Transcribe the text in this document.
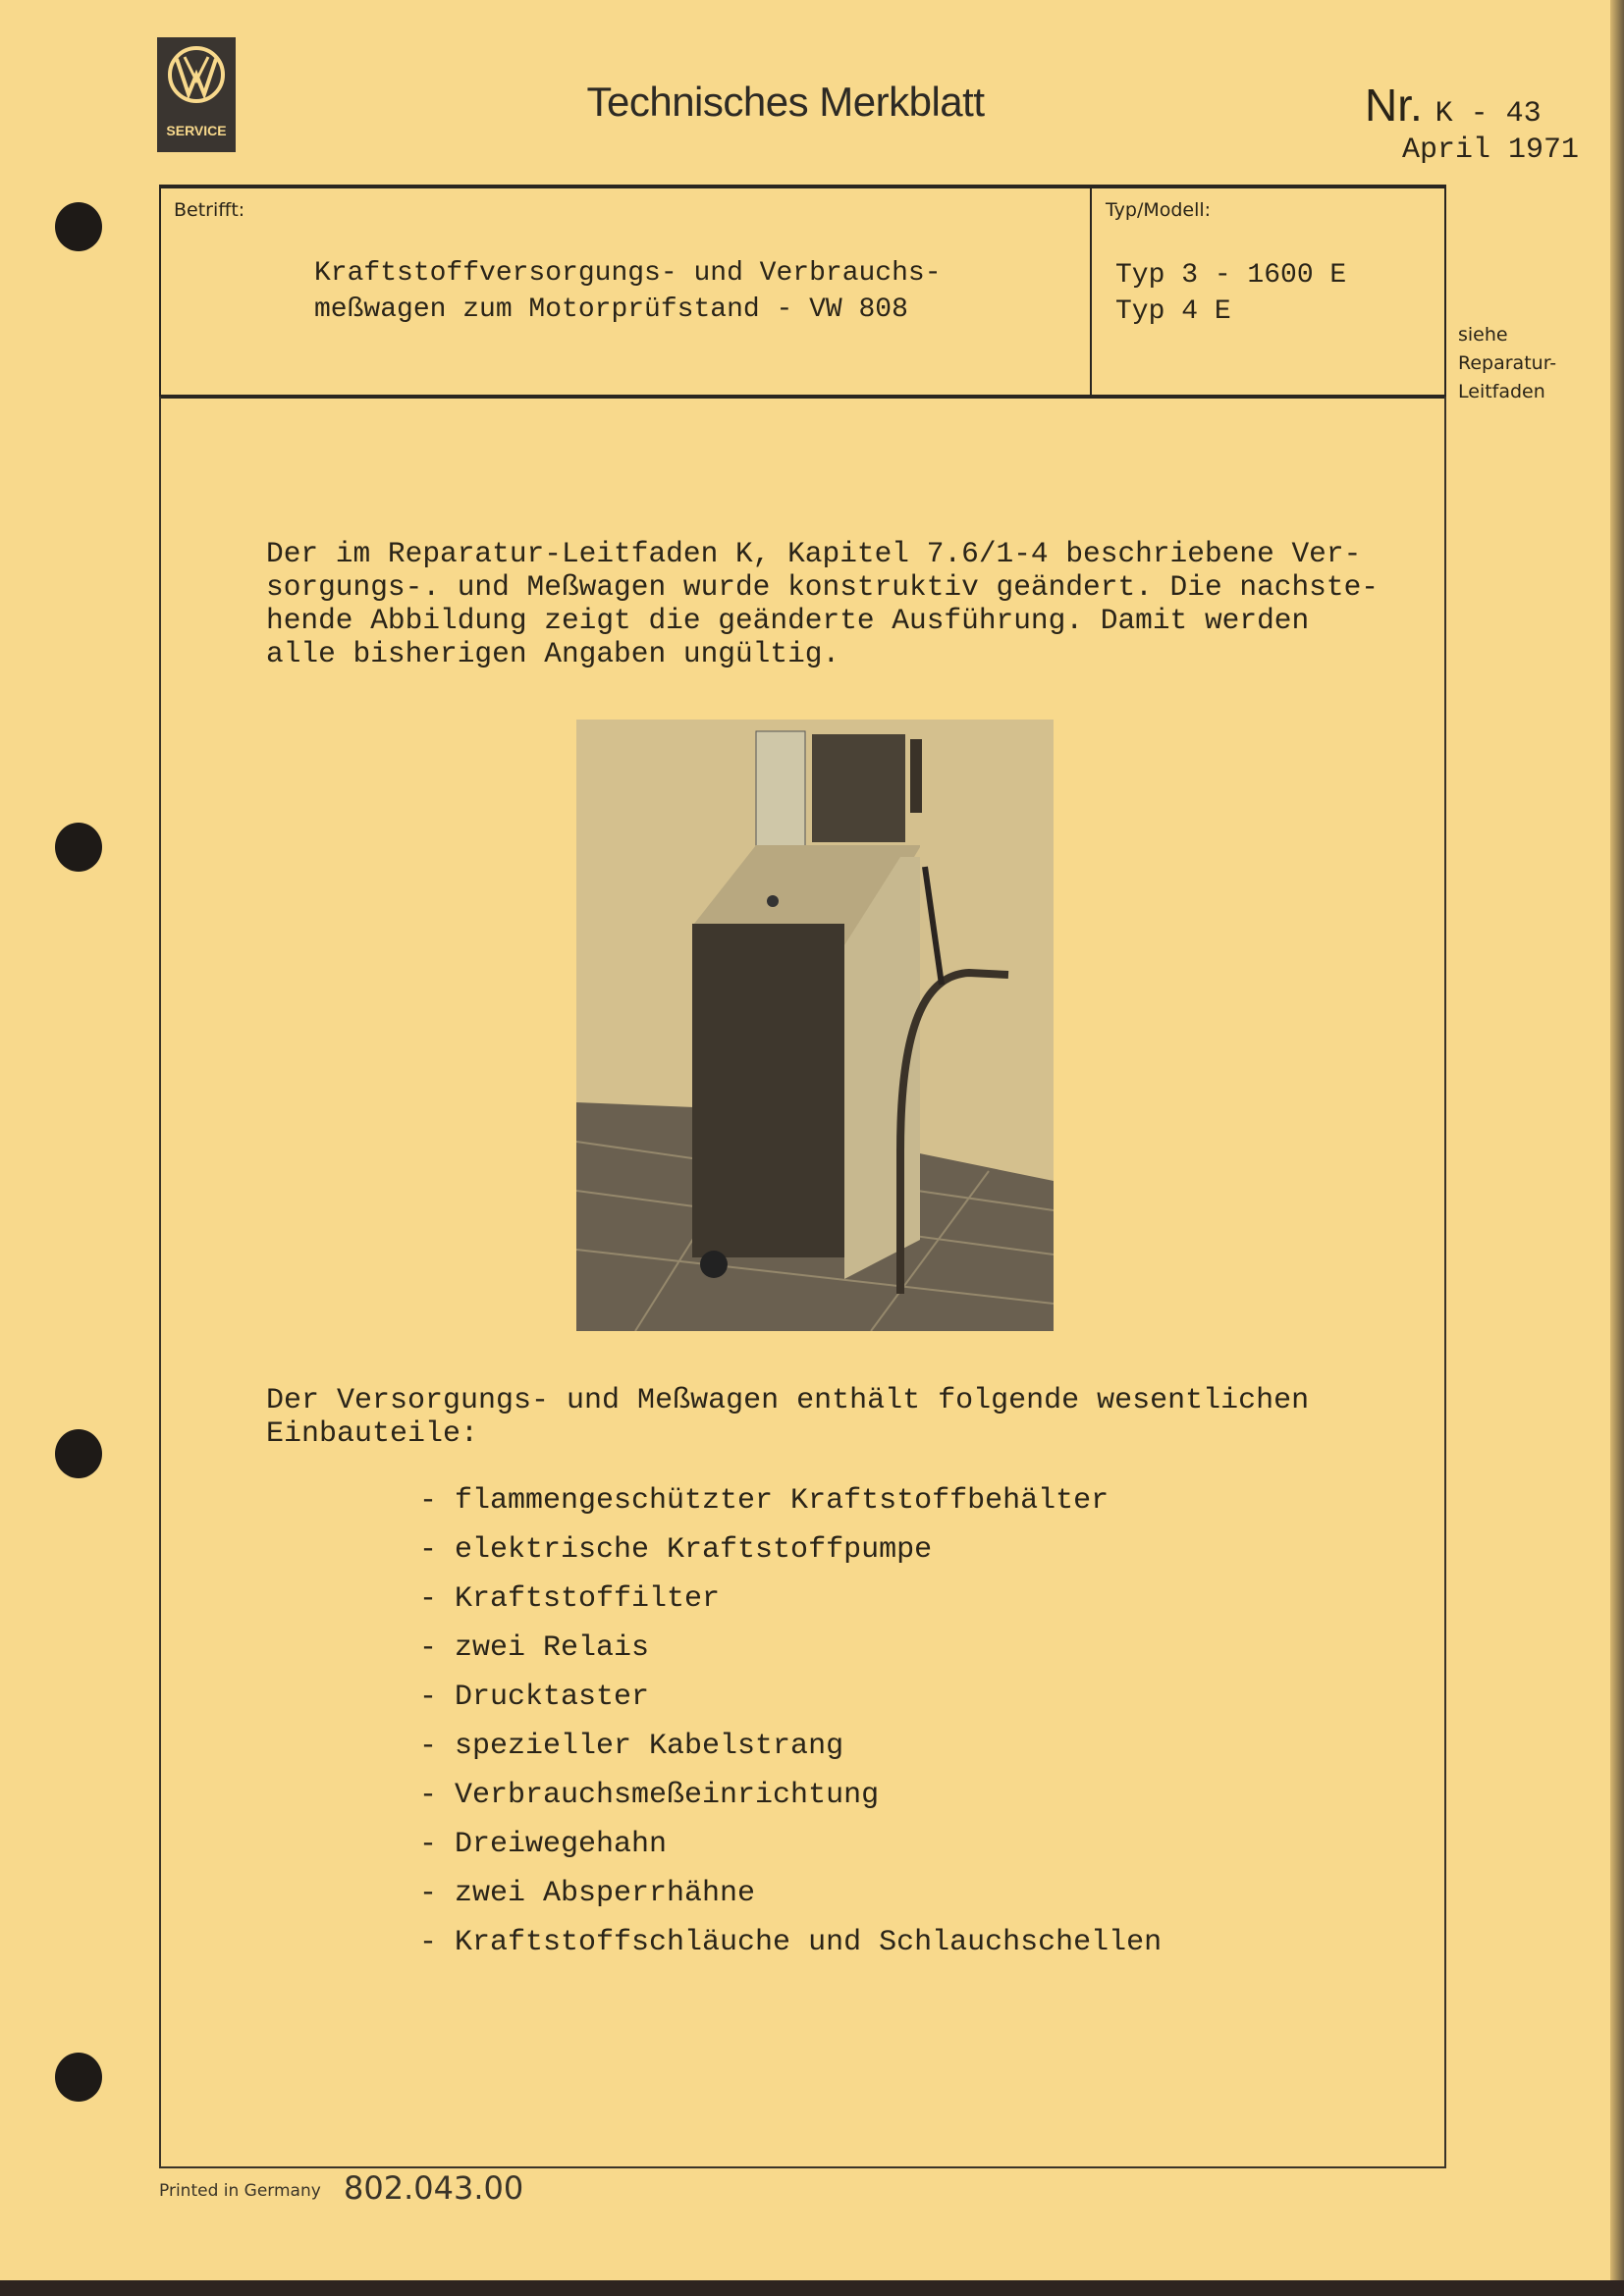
SERVICE
Technisches Merkblatt	Nr. K - 43
April 1971
Betrifft:
Kraftstoffversorgungs- und Verbrauchs-
meßwagen zum Motorprüfstand - VW 808
Typ/Modell:
Typ 3 - 1600 E
Typ 4 E
siehe
Reparatur-
Leitfaden
Der im Reparatur-Leitfaden K, Kapitel 7.6/1-4 beschriebene Ver-
sorgungs-. und Meßwagen wurde konstruktiv geändert. Die nachste-
hende Abbildung zeigt die geänderte Ausführung. Damit werden
alle bisherigen Angaben ungültig.
Der Versorgungs- und Meßwagen enthält folgende wesentlichen
Einbauteile:
- flammengeschützter Kraftstoffbehälter
- elektrische Kraftstoffpumpe
- Kraftstoffilter
- zwei Relais
- Drucktaster
- spezieller Kabelstrang
- Verbrauchsmeßeinrichtung
- Dreiwegehahn
- zwei Absperrhähne
- Kraftstoffschläuche und Schlauchschellen
Printed in Germany 802.043.00
